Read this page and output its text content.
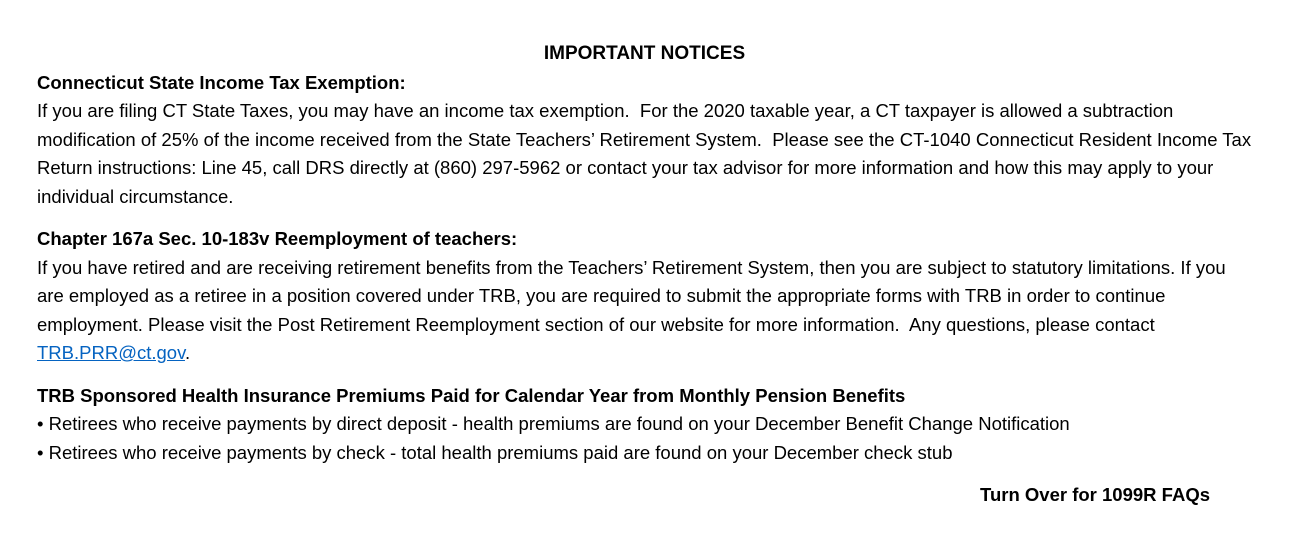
IMPORTANT NOTICES
Connecticut State Income Tax Exemption:

If you are filing CT State Taxes, you may have an income tax exemption.  For the 2020 taxable year, a CT taxpayer is allowed a subtraction modification of 25% of the income received from the State Teachers’ Retirement System.  Please see the CT-1040 Connecticut Resident Income Tax Return instructions: Line 45, call DRS directly at (860) 297-5962 or contact your tax advisor for more information and how this may apply to your individual circumstance.

Chapter 167a Sec. 10-183v Reemployment of teachers:

If you have retired and are receiving retirement benefits from the Teachers’ Retirement System, then you are subject to statutory limitations. If you are employed as a retiree in a position covered under TRB, you are required to submit the appropriate forms with TRB in order to continue employment. Please visit the Post Retirement Reemployment section of our website for more information.  Any questions, please contact TRB.PRR@ct.gov.

TRB Sponsored Health Insurance Premiums Paid for Calendar Year from Monthly Pension Benefits

• Retirees who receive payments by direct deposit - health premiums are found on your December Benefit Change Notification

• Retirees who receive payments by check - total health premiums paid are found on your December check stub

Turn Over for 1099R FAQs
